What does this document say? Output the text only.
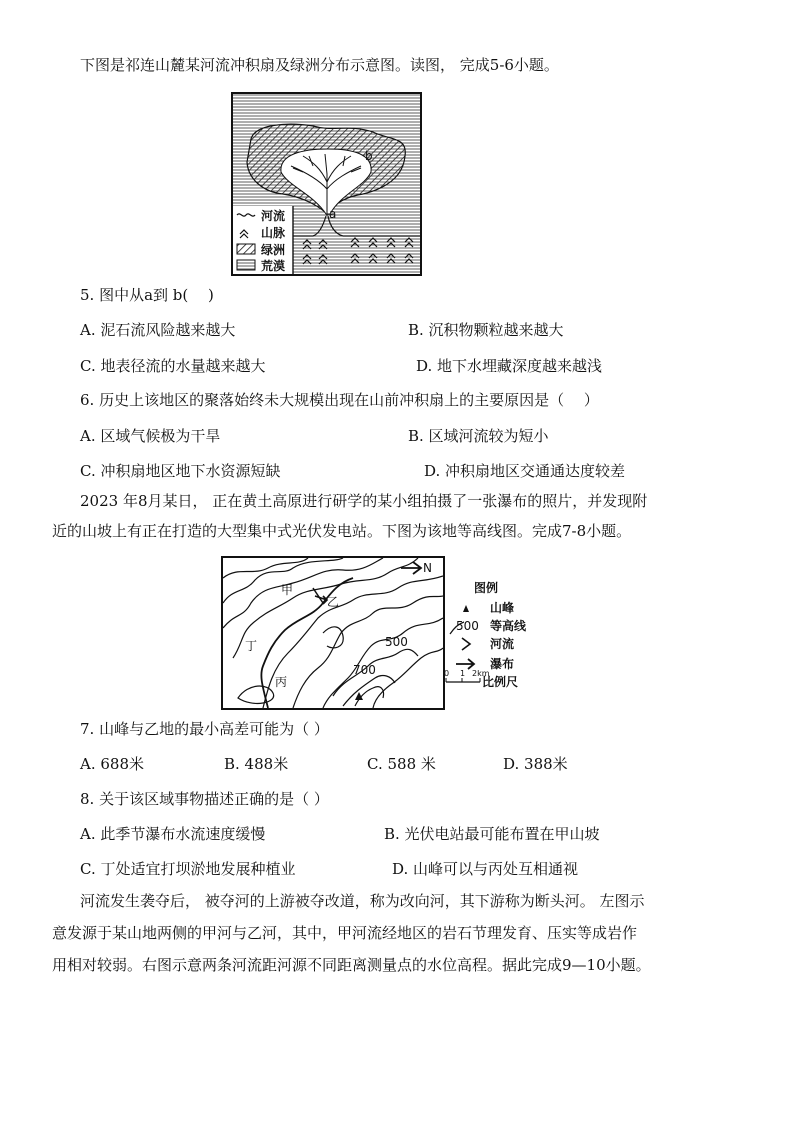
下图是祁连山麓某河流冲积扇及绿洲分布示意图。读图， 完成5-6小题。
a
b
河流
山脉
绿洲
荒漠
5. 图中从a到 b(　 )
A. 泥石流风险越来越大	B. 沉积物颗粒越来越大
C. 地表径流的水量越来越大	D. 地下水埋藏深度越来越浅
6. 历史上该地区的聚落始终未大规模出现在山前冲积扇上的主要原因是（　 ）
A. 区域气候极为干旱	B. 区域河流较为短小
C. 冲积扇地区地下水资源短缺	D. 冲积扇地区交通通达度较差
2023 年8月某日， 正在黄土高原进行研学的某小组拍摄了一张瀑布的照片，并发现附
近的山坡上有正在打造的大型集中式光伏发电站。下图为该地等高线图。完成7-8小题。
N
甲
乙
丁
丙
500
700
图例
山峰
500 等高线
河流
瀑布
0 1 2km
比例尺
7. 山峰与乙地的最小高差可能为（ ）
A. 688米	B. 488米	C. 588 米	D. 388米
8. 关于该区域事物描述正确的是（ ）
A. 此季节瀑布水流速度缓慢	B. 光伏电站最可能布置在甲山坡
C. 丁处适宜打坝淤地发展种植业	D. 山峰可以与丙处互相通视
河流发生袭夺后， 被夺河的上游被夺改道，称为改向河，其下游称为断头河。 左图示
意发源于某山地两侧的甲河与乙河，其中，甲河流经地区的岩石节理发育、压实等成岩作
用相对较弱。右图示意两条河流距河源不同距离测量点的水位高程。据此完成9—10小题。
